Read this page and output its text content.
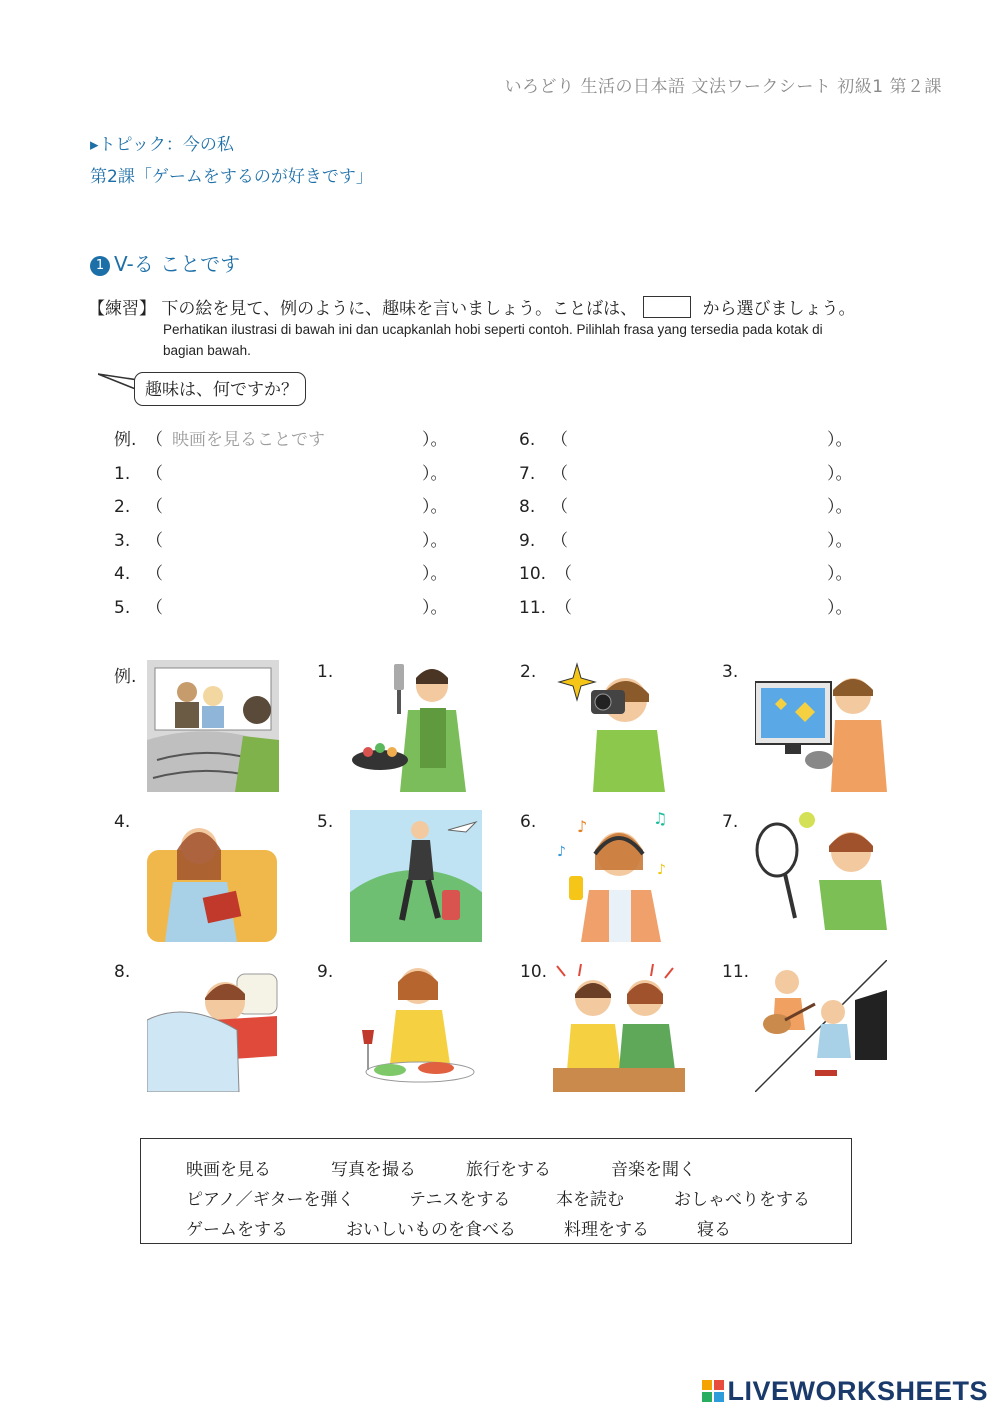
いろどり 生活の日本語 文法ワークシート 初級1 第２課
▸トピック：今の私
第2課「ゲームをするのが好きです」
1 V-る ことです
【練習】 下の絵を見て、例のように、趣味を言いましょう。ことばは、	から選びましょう。
Perhatikan ilustrasi di bawah ini dan ucapkanlah hobi seperti contoh. Pilihlah frasa yang tersedia pada kotak di bagian bawah.
趣味は、何ですか？
例. （ 映画を見ることです	）。
1. （	）。
2. （	）。
3. （	）。
4. （	）。
5. （	）。
6. （	）。
7. （	）。
8. （	）。
9. （	）。
10. （	）。
11. （	）。
例.	1.	2.	3.
4.	5.	6.	♪	♫
♪
♪
7.
8.	9.	10.	11.
映画を見る	写真を撮る	旅行をする	音楽を聞く
ピアノ／ギターを弾く	テニスをする	本を読む	おしゃべりをする
ゲームをする	おいしいものを食べる	料理をする	寝る
LIVEWORKSHEETS
